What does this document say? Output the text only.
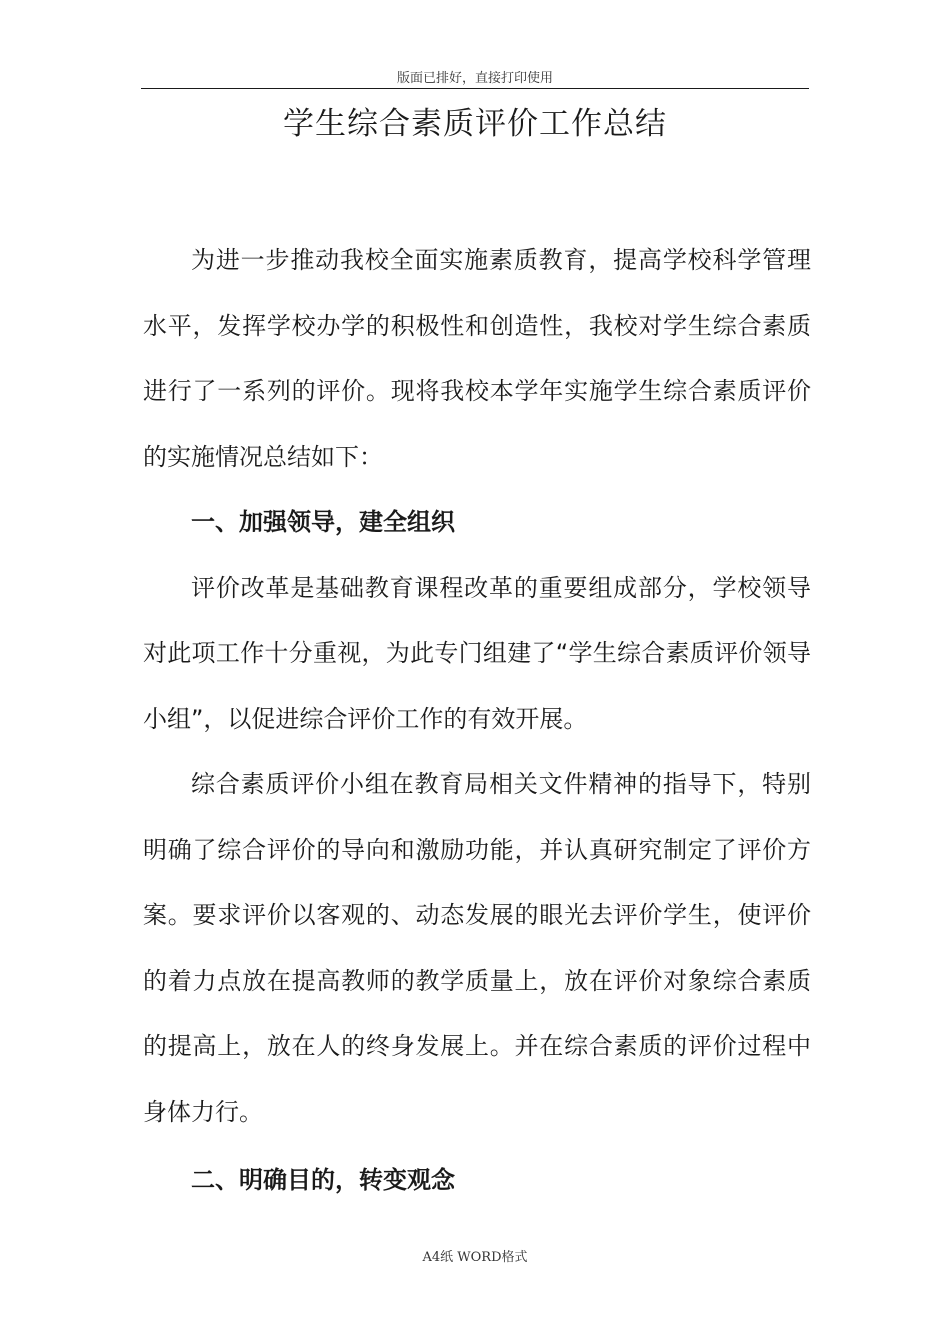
版面已排好，直接打印使用
学生综合素质评价工作总结

为进一步推动我校全面实施素质教育，提高学校科学管理水平，发挥学校办学的积极性和创造性，我校对学生综合素质进行了一系列的评价。现将我校本学年实施学生综合素质评价的实施情况总结如下：

一、加强领导，建全组织

评价改革是基础教育课程改革的重要组成部分，学校领导对此项工作十分重视，为此专门组建了“学生综合素质评价领导小组”，以促进综合评价工作的有效开展。

综合素质评价小组在教育局相关文件精神的指导下，特别明确了综合评价的导向和激励功能，并认真研究制定了评价方案。要求评价以客观的、动态发展的眼光去评价学生，使评价的着力点放在提高教师的教学质量上，放在评价对象综合素质的提高上，放在人的终身发展上。并在综合素质的评价过程中身体力行。

二、明确目的，转变观念

A4纸 WORD格式
